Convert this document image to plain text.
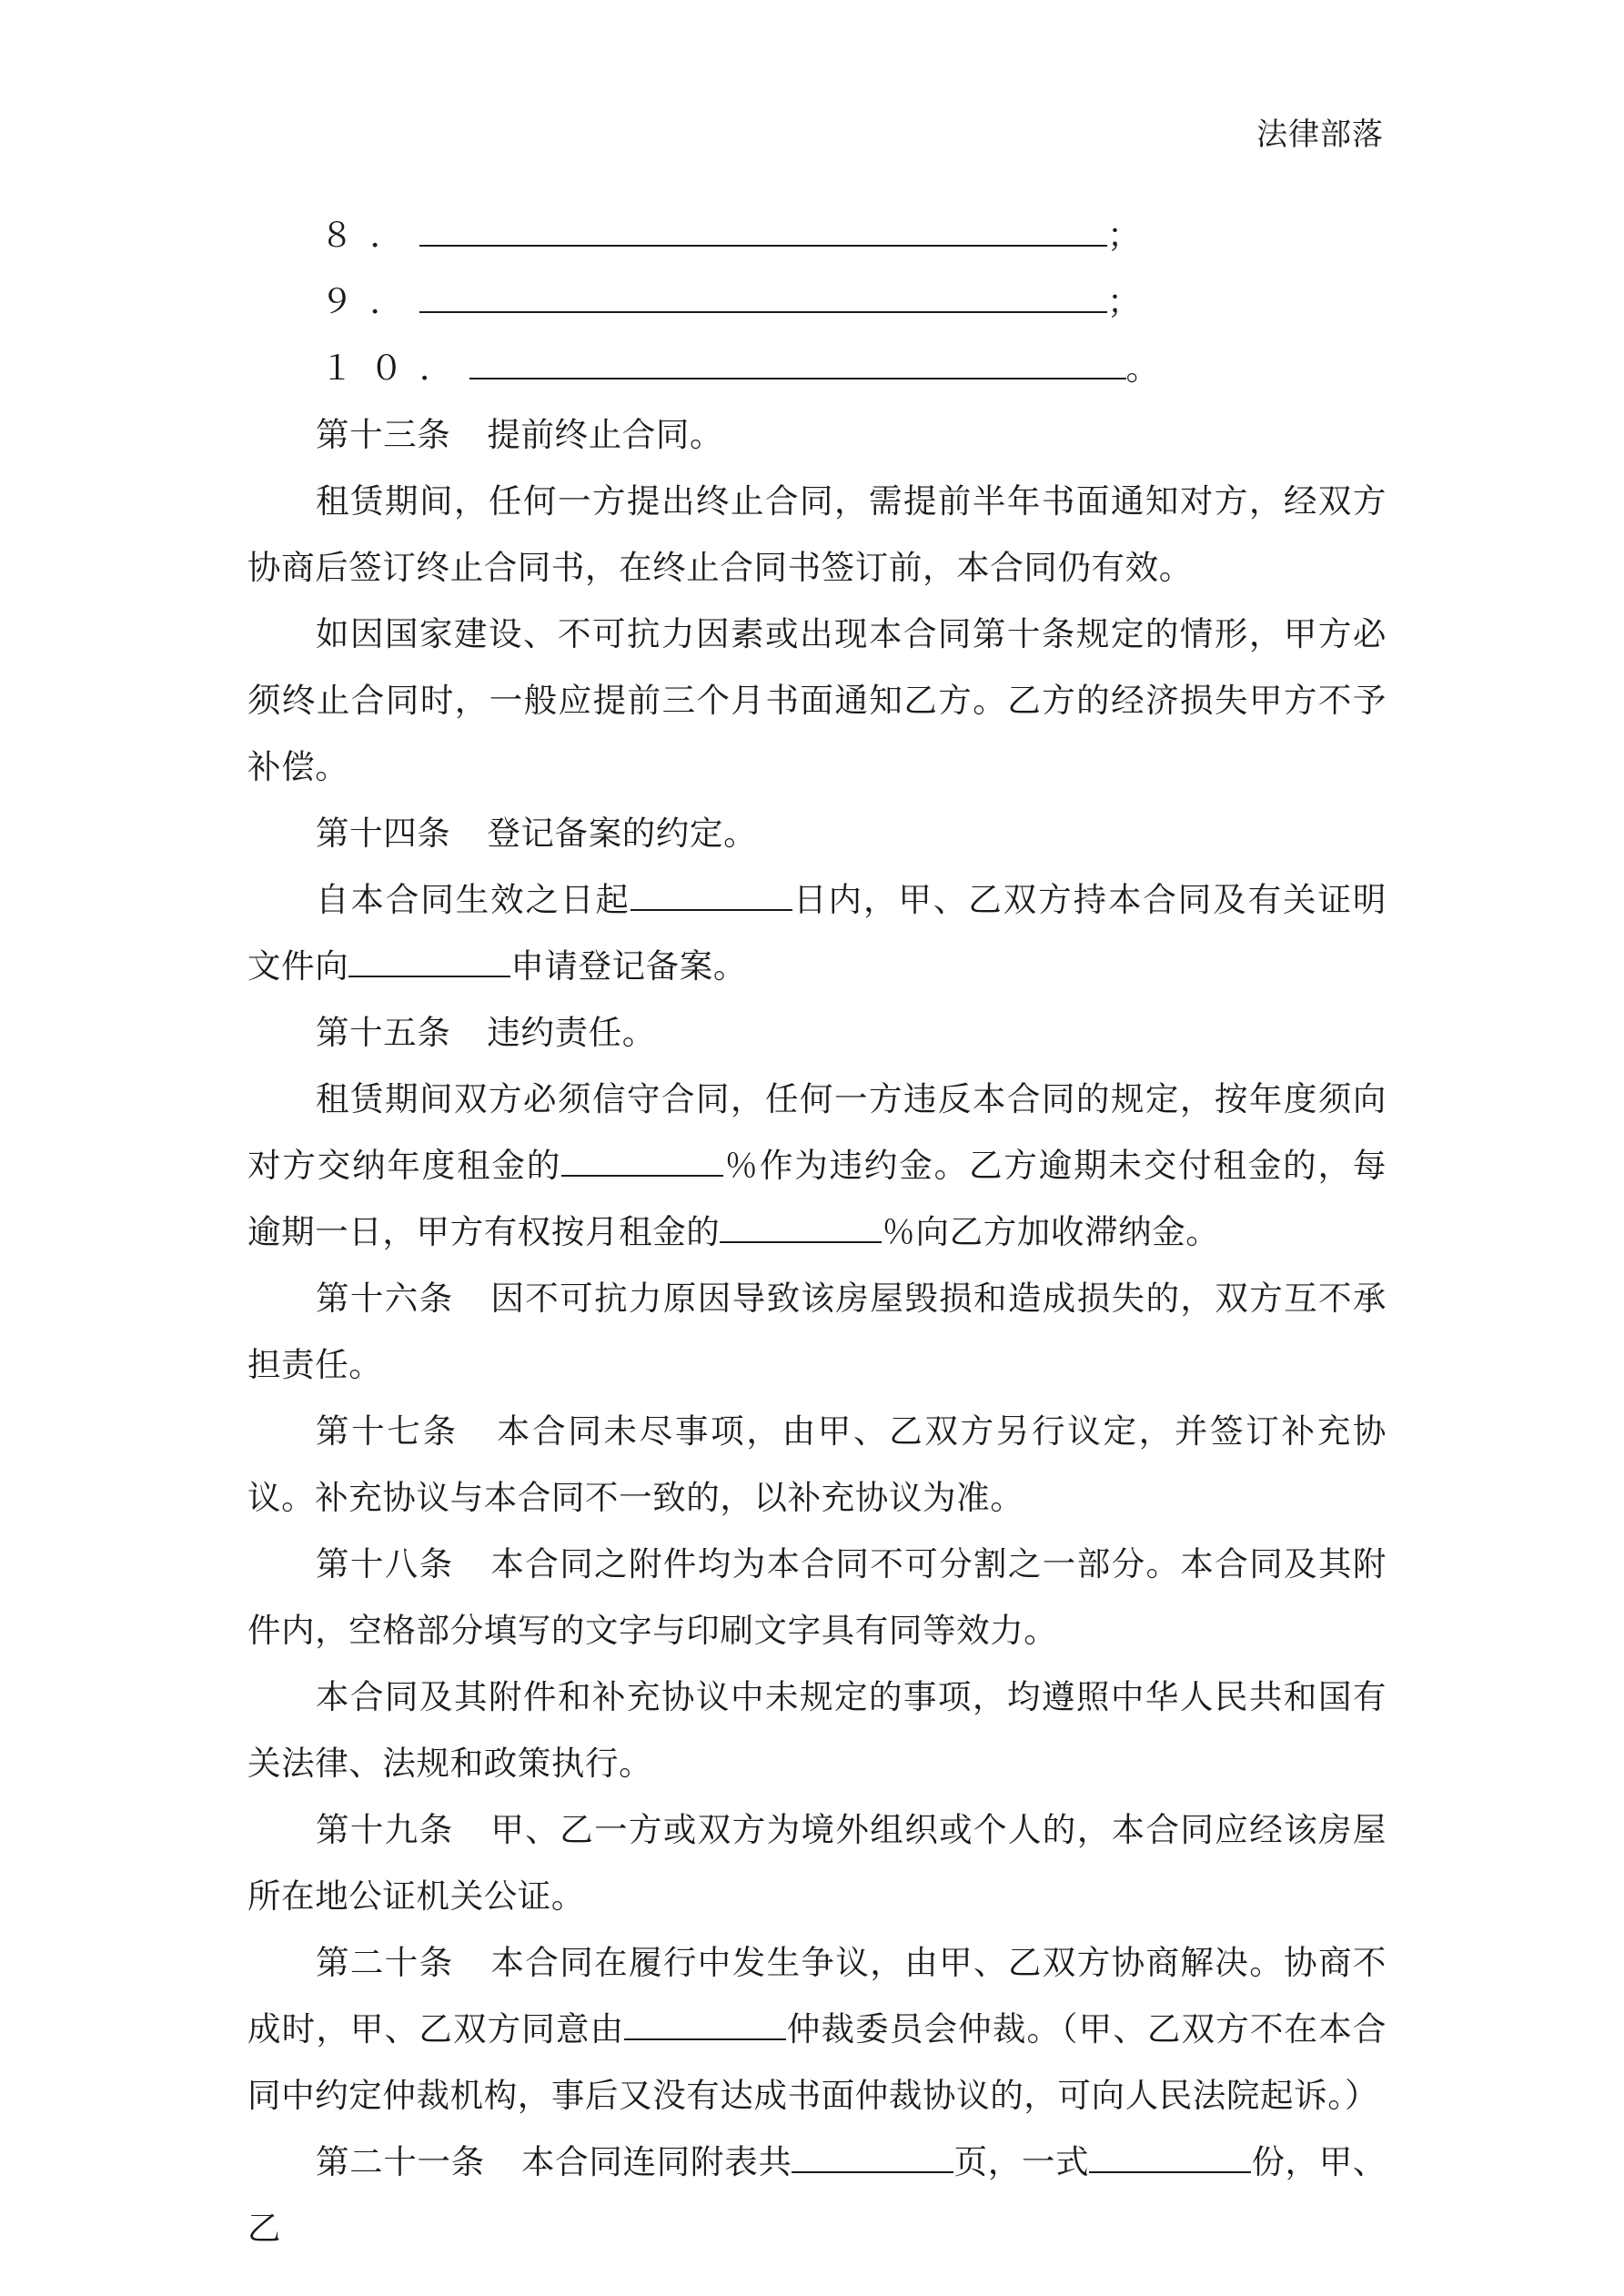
法律部落

８．	；

９．	；

１０．	。

第十三条 提前终止合同。

租赁期间，任何一方提出终止合同，需提前半年书面通知对方，经双方协商后签订终止合同书，在终止合同书签订前，本合同仍有效。

如因国家建设、不可抗力因素或出现本合同第十条规定的情形，甲方必须终止合同时，一般应提前三个月书面通知乙方。乙方的经济损失甲方不予补偿。

第十四条 登记备案的约定。

自本合同生效之日起	日内，甲、乙双方持本合同及有关证明文件向	申请登记备案。

第十五条 违约责任。

租赁期间双方必须信守合同，任何一方违反本合同的规定，按年度须向对方交纳年度租金的	％作为违约金。乙方逾期未交付租金的，每逾期一日，甲方有权按月租金的	％向乙方加收滞纳金。

第十六条 因不可抗力原因导致该房屋毁损和造成损失的，双方互不承担责任。

第十七条 本合同未尽事项，由甲、乙双方另行议定，并签订补充协议。补充协议与本合同不一致的，以补充协议为准。

第十八条 本合同之附件均为本合同不可分割之一部分。本合同及其附件内，空格部分填写的文字与印刷文字具有同等效力。

本合同及其附件和补充协议中未规定的事项，均遵照中华人民共和国有关法律、法规和政策执行。

第十九条 甲、乙一方或双方为境外组织或个人的，本合同应经该房屋所在地公证机关公证。

第二十条 本合同在履行中发生争议，由甲、乙双方协商解决。协商不成时，甲、乙双方同意由	仲裁委员会仲裁。（甲、乙双方不在本合同中约定仲裁机构，事后又没有达成书面仲裁协议的，可向人民法院起诉。）

第二十一条 本合同连同附表共	页，一式	份，甲、乙
